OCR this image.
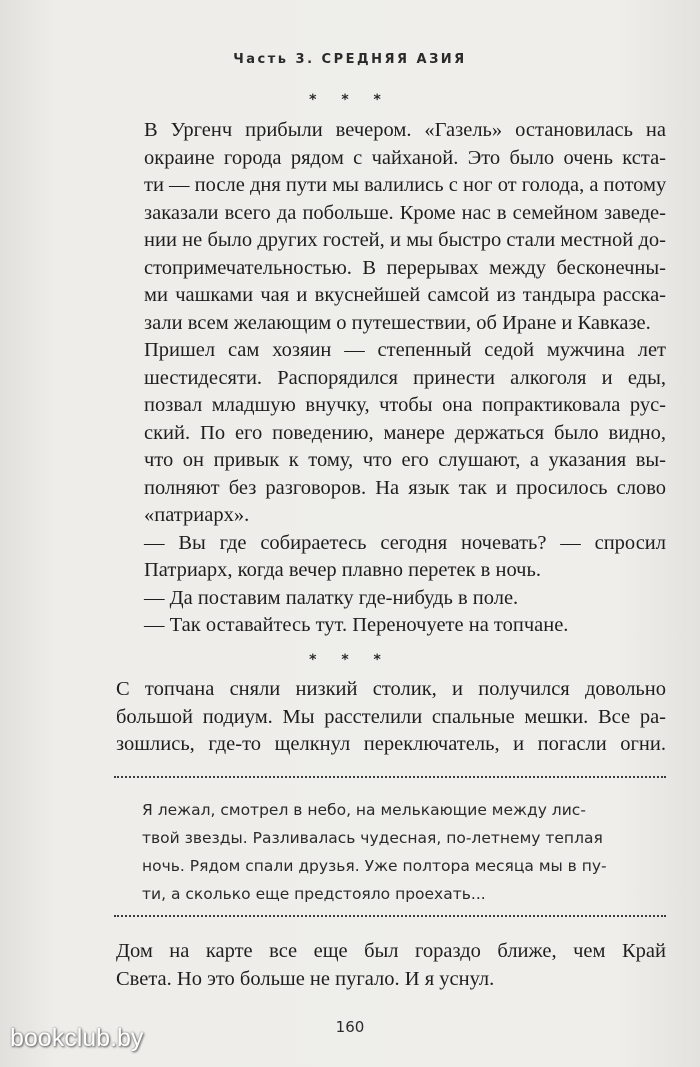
Часть 3. СРЕДНЯЯ АЗИЯ
* * *

В Ургенч прибыли вечером. «Газель» остановилась на
окраине города рядом с чайханой. Это было очень кста-
ти — после дня пути мы валились с ног от голода, а потому
заказали всего да побольше. Кроме нас в семейном заведе-
нии не было других гостей, и мы быстро стали местной до-
стопримечательностью. В перерывах между бесконечны-
ми чашками чая и вкуснейшей самсой из тандыра расска-
зали всем желающим о путешествии, об Иране и Кавказе.

Пришел сам хозяин — степенный седой мужчина лет
шестидесяти. Распорядился принести алкоголя и еды,
позвал младшую внучку, чтобы она попрактиковала рус-
ский. По его поведению, манере держаться было видно,
что он привык к тому, что его слушают, а указания вы-
полняют без разговоров. На язык так и просилось слово
«патриарх».

— Вы где собираетесь сегодня ночевать? — спросил
Патриарх, когда вечер плавно перетек в ночь.

— Да поставим палатку где-нибудь в поле.

— Так оставайтесь тут. Переночуете на топчане.

* * *

С топчана сняли низкий столик, и получился довольно
большой подиум. Мы расстелили спальные мешки. Все ра-
зошлись, где-то щелкнул переключатель, и погасли огни.

Я лежал, смотрел в небо, на мелькающие между лис-
твой звезды. Разливалась чудесная, по-летнему теплая
ночь. Рядом спали друзья. Уже полтора месяца мы в пу-
ти, а сколько еще предстояло проехать...

Дом на карте все еще был гораздо ближе, чем Край
Света. Но это больше не пугало. И я уснул.

160
bookclub.by
